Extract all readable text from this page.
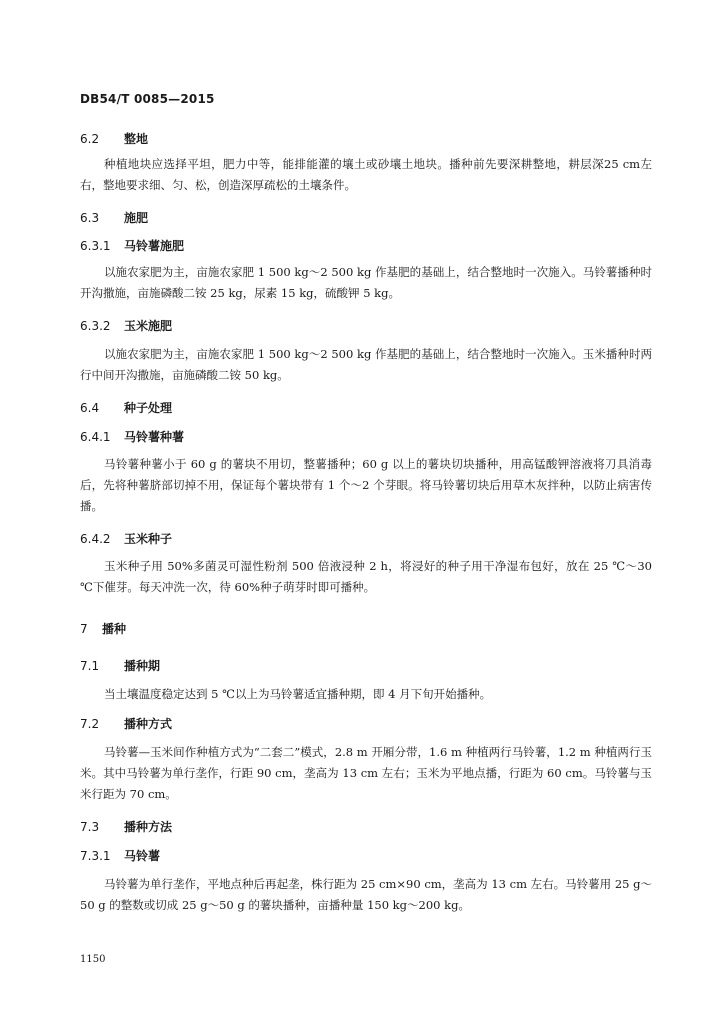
DB54/T 0085—2015
6.2 整地
种植地块应选择平坦，肥力中等，能排能灌的壤土或砂壤土地块。播种前先要深耕整地，耕层深25 cm左右，整地要求细、匀、松，创造深厚疏松的土壤条件。
6.3 施肥
6.3.1 马铃薯施肥
以施农家肥为主，亩施农家肥 1 500 kg～2 500 kg 作基肥的基础上，结合整地时一次施入。马铃薯播种时开沟撒施，亩施磷酸二铵 25 kg，尿素 15 kg，硫酸钾 5 kg。
6.3.2 玉米施肥
以施农家肥为主，亩施农家肥 1 500 kg～2 500 kg 作基肥的基础上，结合整地时一次施入。玉米播种时两行中间开沟撒施，亩施磷酸二铵 50 kg。
6.4 种子处理
6.4.1 马铃薯种薯
马铃薯种薯小于 60 g 的薯块不用切，整薯播种；60 g 以上的薯块切块播种，用高锰酸钾溶液将刀具消毒后，先将种薯脐部切掉不用，保证每个薯块带有 1 个～2 个芽眼。将马铃薯切块后用草木灰拌种，以防止病害传播。
6.4.2 玉米种子
玉米种子用 50%多菌灵可湿性粉剂 500 倍液浸种 2 h，将浸好的种子用干净湿布包好，放在 25 ℃～30 ℃下催芽。每天冲洗一次，待 60%种子萌芽时即可播种。
7 播种
7.1 播种期
当土壤温度稳定达到 5 ℃以上为马铃薯适宜播种期，即 4 月下旬开始播种。
7.2 播种方式
马铃薯—玉米间作种植方式为“二套二”模式，2.8 m 开厢分带，1.6 m 种植两行马铃薯，1.2 m 种植两行玉米。其中马铃薯为单行垄作，行距 90 cm，垄高为 13 cm 左右；玉米为平地点播，行距为 60 cm。马铃薯与玉米行距为 70 cm。
7.3 播种方法
7.3.1 马铃薯
马铃薯为单行垄作，平地点种后再起垄，株行距为 25 cm×90 cm，垄高为 13 cm 左右。马铃薯用 25 g～50 g 的整数或切成 25 g～50 g 的薯块播种，亩播种量 150 kg～200 kg。
1150
